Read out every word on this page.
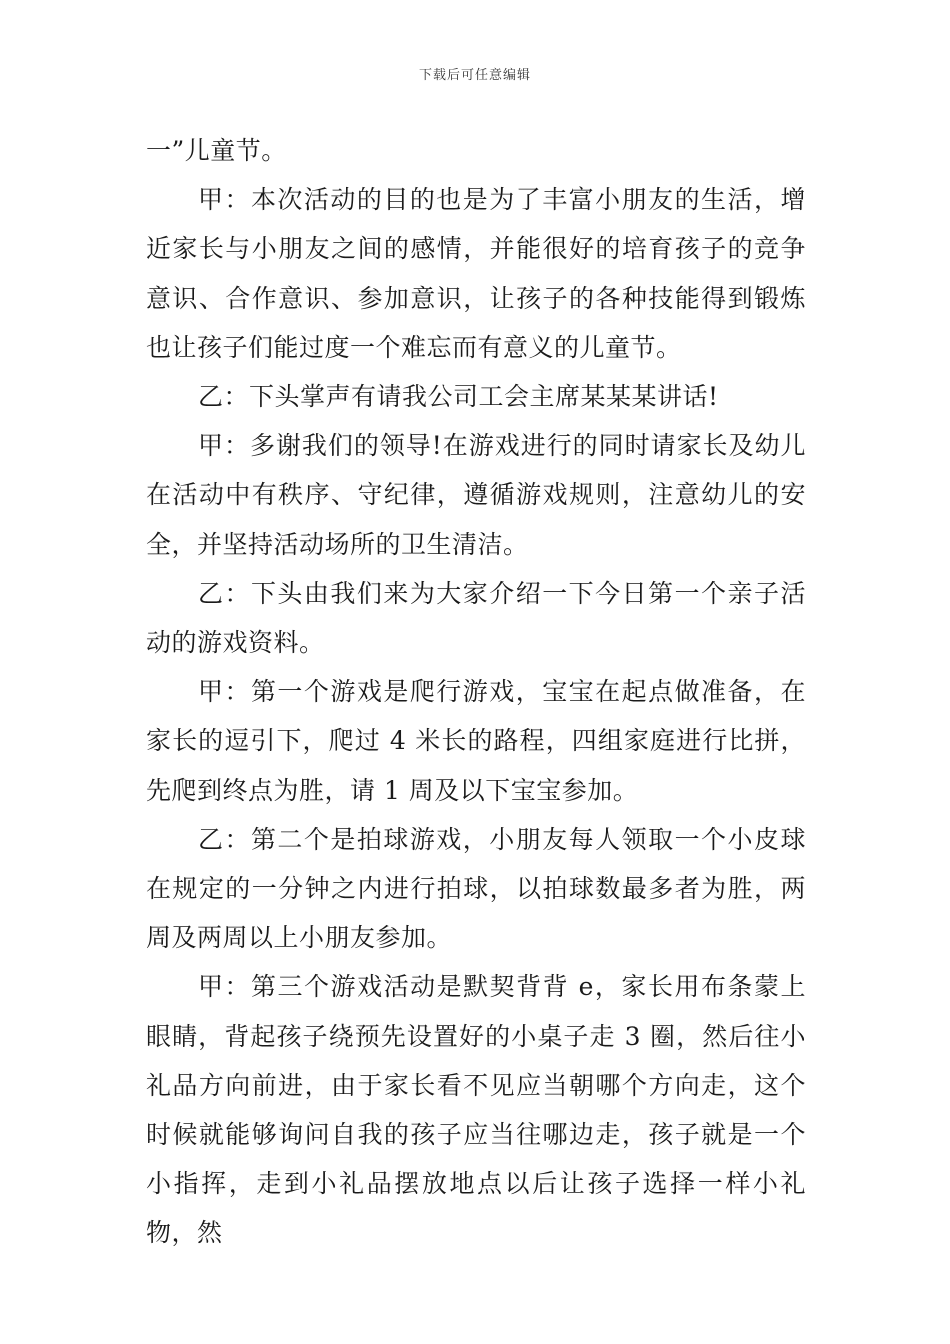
下载后可任意编辑

一”儿童节。

甲：本次活动的目的也是为了丰富小朋友的生活，增近家长与小朋友之间的感情，并能很好的培育孩子的竞争意识、合作意识、参加意识，让孩子的各种技能得到锻炼也让孩子们能过度一个难忘而有意义的儿童节。

乙：下头掌声有请我公司工会主席某某某讲话!

甲：多谢我们的领导!在游戏进行的同时请家长及幼儿在活动中有秩序、守纪律，遵循游戏规则，注意幼儿的安全，并坚持活动场所的卫生清洁。

乙：下头由我们来为大家介绍一下今日第一个亲子活动的游戏资料。

甲：第一个游戏是爬行游戏，宝宝在起点做准备，在家长的逗引下，爬过 4 米长的路程，四组家庭进行比拼，先爬到终点为胜，请 1 周及以下宝宝参加。

乙：第二个是拍球游戏，小朋友每人领取一个小皮球在规定的一分钟之内进行拍球，以拍球数最多者为胜，两周及两周以上小朋友参加。

甲：第三个游戏活动是默契背背 e，家长用布条蒙上眼睛，背起孩子绕预先设置好的小桌子走 3 圈，然后往小礼品方向前进，由于家长看不见应当朝哪个方向走，这个时候就能够询问自我的孩子应当往哪边走，孩子就是一个小指挥，走到小礼品摆放地点以后让孩子选择一样小礼物，然
